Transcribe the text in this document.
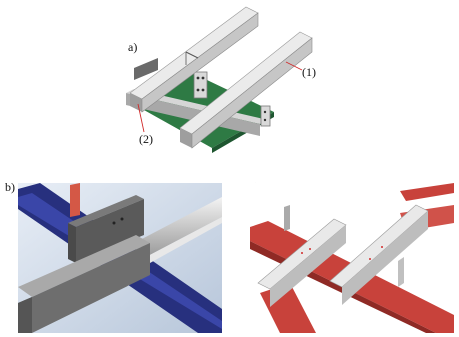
a)
(1)
(2)
b)
